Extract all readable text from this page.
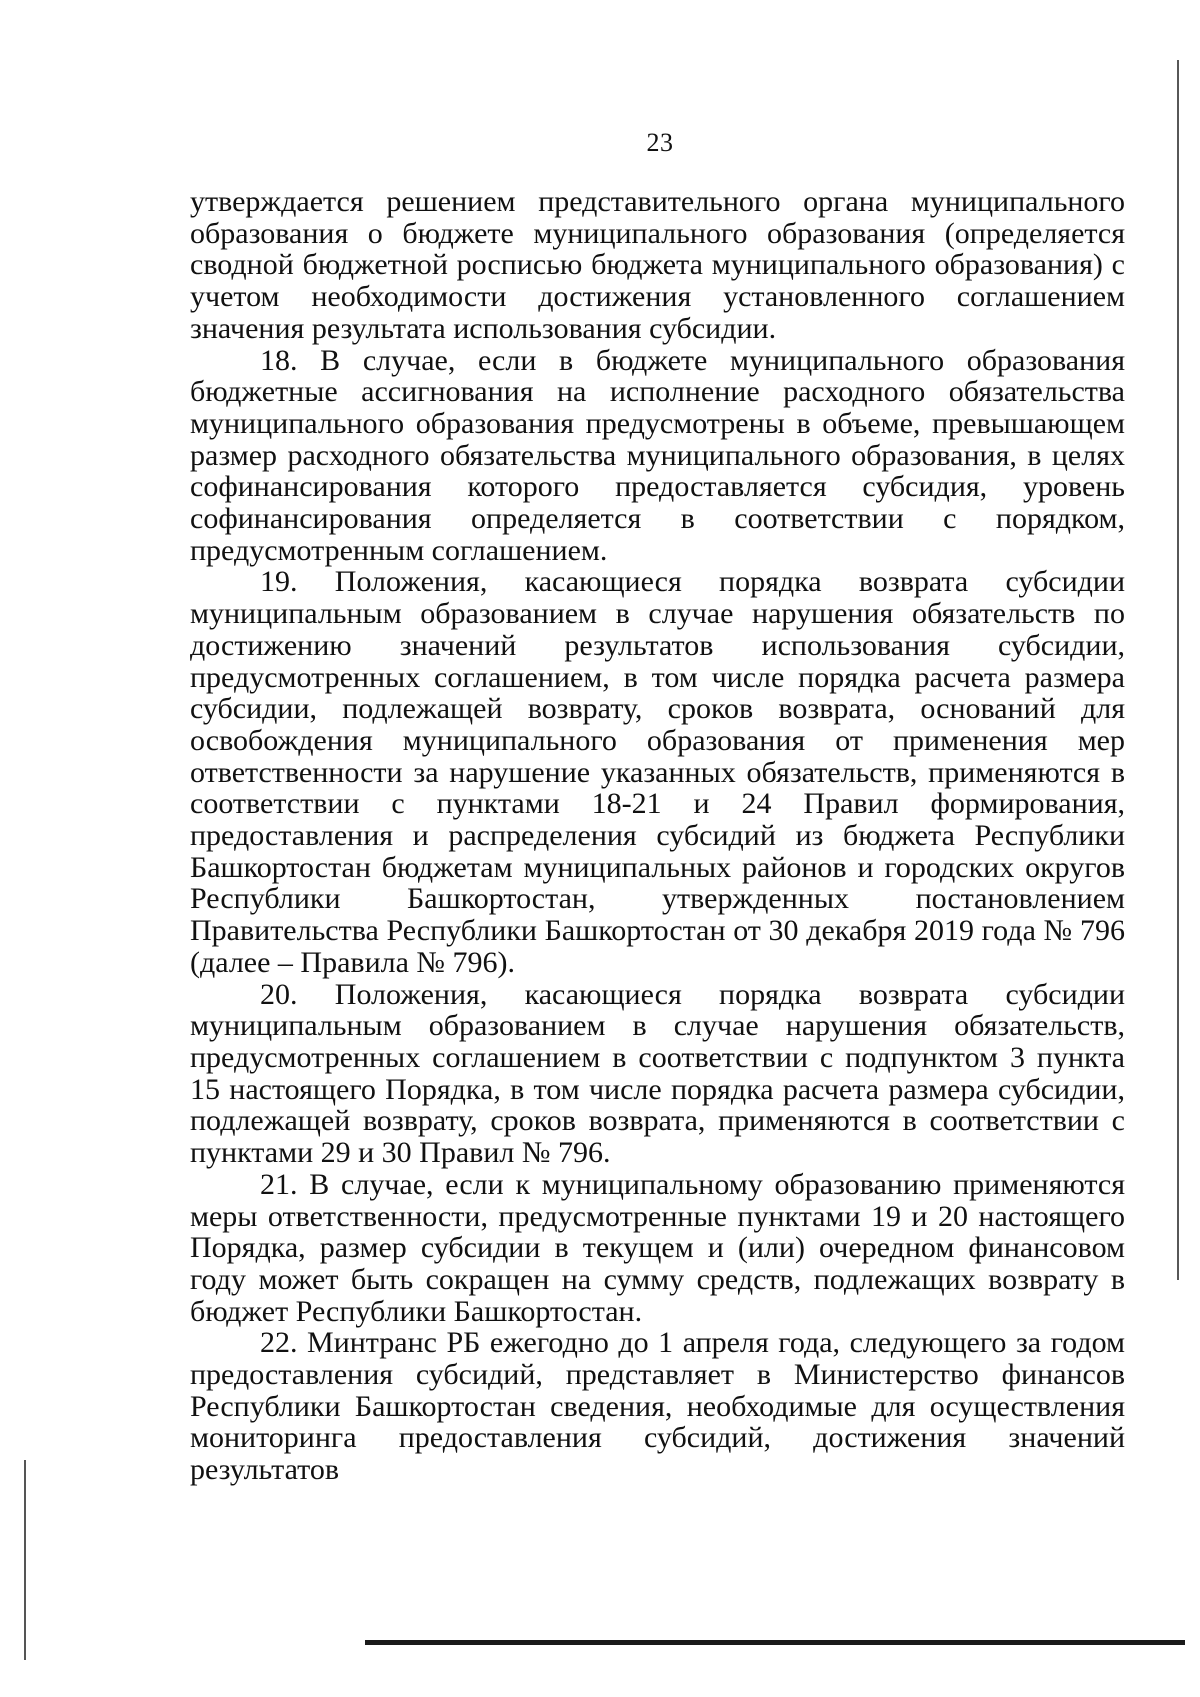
23

утверждается решением представительного органа муниципального образования о бюджете муниципального образования (определяется сводной бюджетной росписью бюджета муниципального образования) с учетом необходимости достижения установленного соглашением значения результата использования субсидии.

18. В случае, если в бюджете муниципального образования бюджетные ассигнования на исполнение расходного обязательства муниципального образования предусмотрены в объеме, превышающем размер расходного обязательства муниципального образования, в целях софинансирования которого предоставляется субсидия, уровень софинансирования определяется в соответствии с порядком, предусмотренным соглашением.

19. Положения, касающиеся порядка возврата субсидии муниципальным образованием в случае нарушения обязательств по достижению значений результатов использования субсидии, предусмотренных соглашением, в том числе порядка расчета размера субсидии, подлежащей возврату, сроков возврата, оснований для освобождения муниципального образования от применения мер ответственности за нарушение указанных обязательств, применяются в соответствии с пунктами 18-21 и 24 Правил формирования, предоставления и распределения субсидий из бюджета Республики Башкортостан бюджетам муниципальных районов и городских округов Республики Башкортостан, утвержденных постановлением Правительства Республики Башкортостан от 30 декабря 2019 года № 796 (далее – Правила № 796).

20. Положения, касающиеся порядка возврата субсидии муниципальным образованием в случае нарушения обязательств, предусмотренных соглашением в соответствии с подпунктом 3 пункта 15 настоящего Порядка, в том числе порядка расчета размера субсидии, подлежащей возврату, сроков возврата, применяются в соответствии с пунктами 29 и 30 Правил № 796.

21. В случае, если к муниципальному образованию применяются меры ответственности, предусмотренные пунктами 19 и 20 настоящего Порядка, размер субсидии в текущем и (или) очередном финансовом году может быть сокращен на сумму средств, подлежащих возврату в бюджет Республики Башкортостан.

22. Минтранс РБ ежегодно до 1 апреля года, следующего за годом предоставления субсидий, представляет в Министерство финансов Республики Башкортостан сведения, необходимые для осуществления мониторинга предоставления субсидий, достижения значений результатов
